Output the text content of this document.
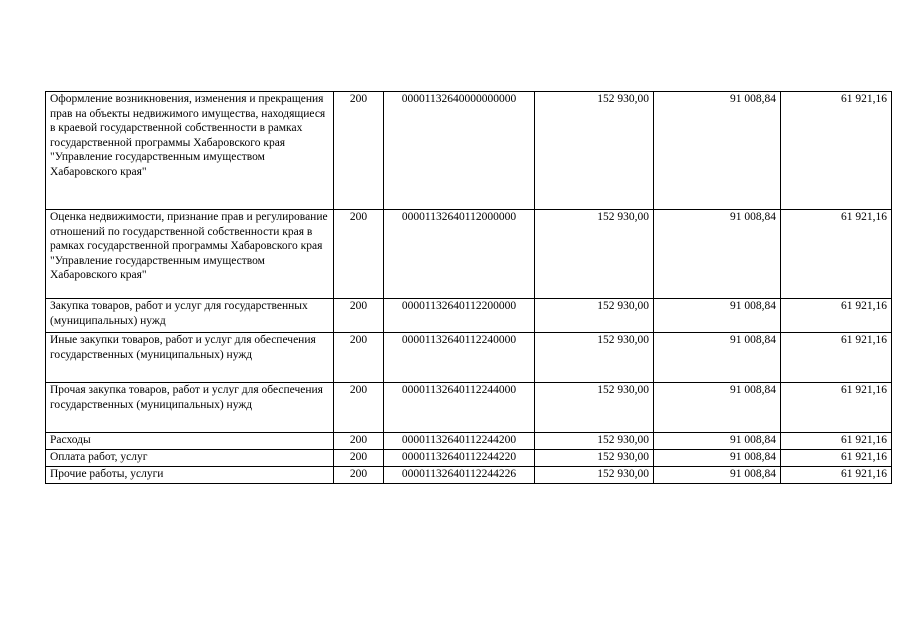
Оформление возникновения, изменения и прекращения прав на объекты недвижимого имущества, находящиеся в краевой государственной собственности в рамках государственной программы Хабаровского края "Управление государственным имуществом Хабаровского края"	200	00001132640000000000	152 930,00	91 008,84	61 921,16
Оценка недвижимости, признание прав и регулирование отношений по государственной собственности края в рамках государственной программы Хабаровского края "Управление государственным имуществом Хабаровского края"	200	00001132640112000000	152 930,00	91 008,84	61 921,16
Закупка товаров, работ и услуг для государственных (муниципальных) нужд	200	00001132640112200000	152 930,00	91 008,84	61 921,16
Иные закупки товаров, работ и услуг для обеспечения государственных (муниципальных) нужд	200	00001132640112240000	152 930,00	91 008,84	61 921,16
Прочая закупка товаров, работ и услуг для обеспечения государственных (муниципальных) нужд	200	00001132640112244000	152 930,00	91 008,84	61 921,16
Расходы	200	00001132640112244200	152 930,00	91 008,84	61 921,16
Оплата работ, услуг	200	00001132640112244220	152 930,00	91 008,84	61 921,16
Прочие работы, услуги	200	00001132640112244226	152 930,00	91 008,84	61 921,16
